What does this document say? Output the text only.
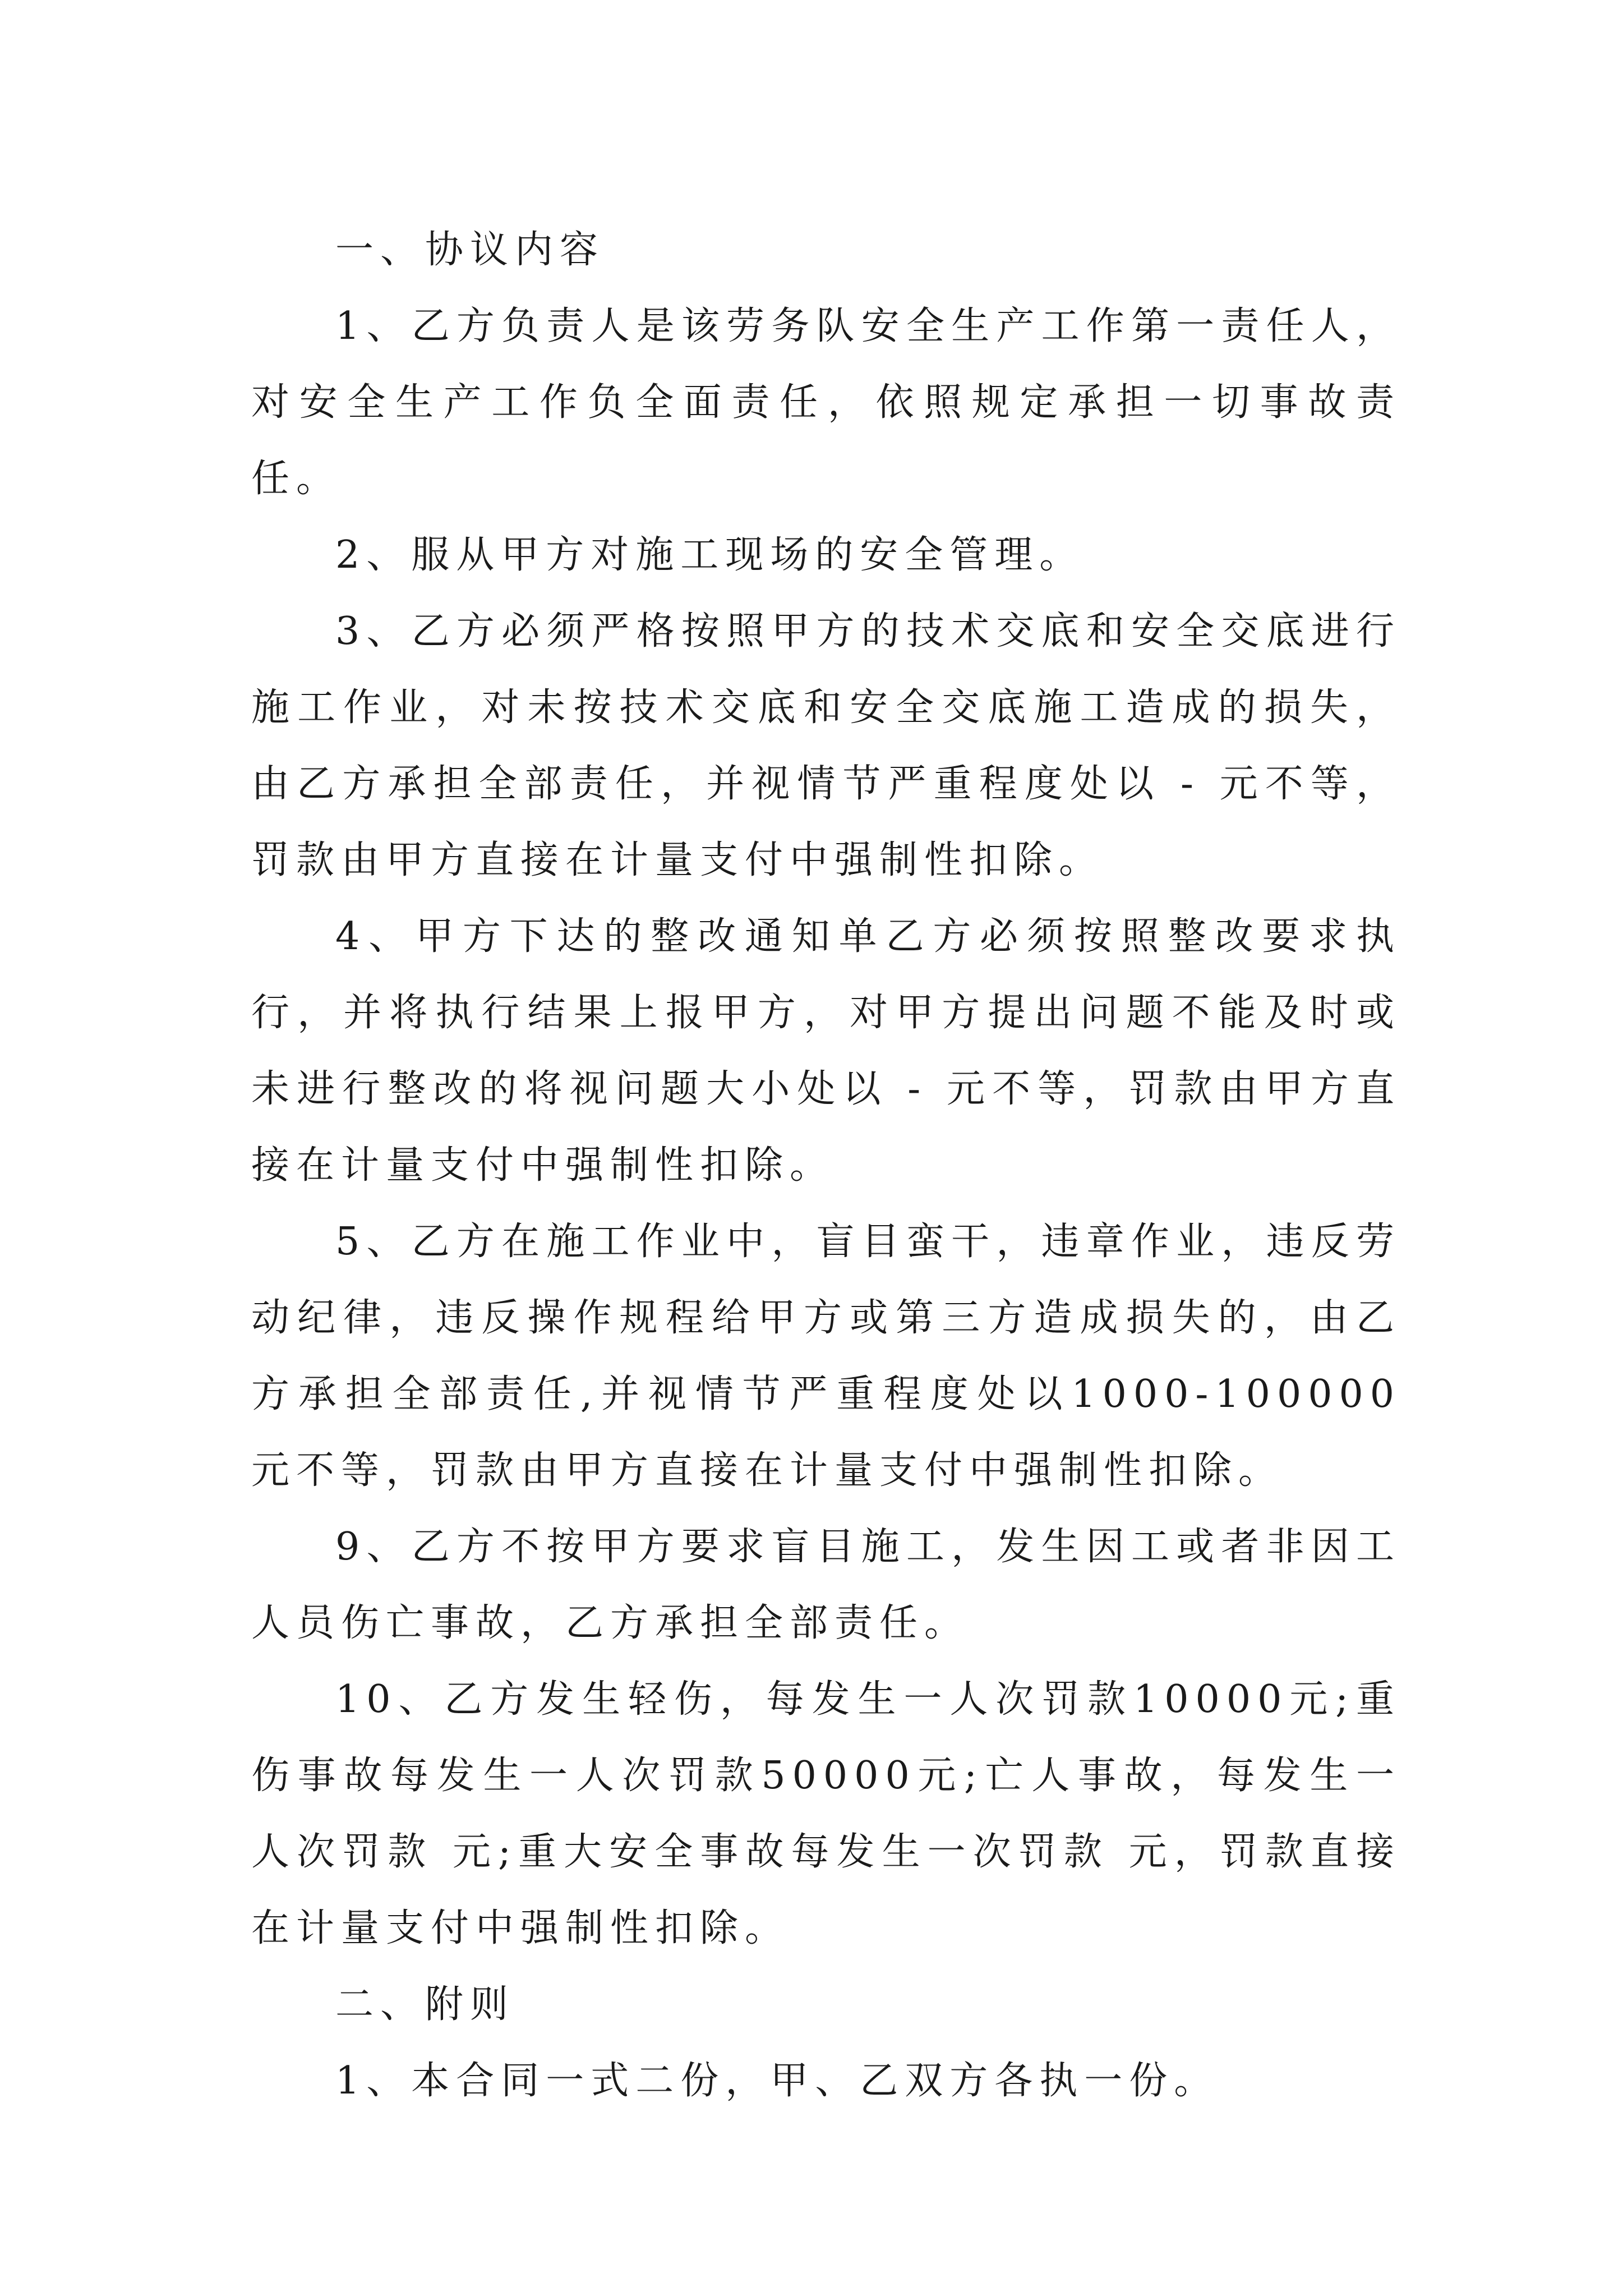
一、协议内容

1、乙方负责人是该劳务队安全生产工作第一责任人，对安全生产工作负全面责任，依照规定承担一切事故责任。

2、服从甲方对施工现场的安全管理。

3、乙方必须严格按照甲方的技术交底和安全交底进行施工作业，对未按技术交底和安全交底施工造成的损失，由乙方承担全部责任，并视情节严重程度处以 - 元不等，罚款由甲方直接在计量支付中强制性扣除。

4、甲方下达的整改通知单乙方必须按照整改要求执行，并将执行结果上报甲方，对甲方提出问题不能及时或未进行整改的将视问题大小处以 - 元不等，罚款由甲方直接在计量支付中强制性扣除。

5、乙方在施工作业中，盲目蛮干，违章作业，违反劳动纪律，违反操作规程给甲方或第三方造成损失的，由乙方承担全部责任,并视情节严重程度处以1000-100000元不等，罚款由甲方直接在计量支付中强制性扣除。

9、乙方不按甲方要求盲目施工，发生因工或者非因工人员伤亡事故，乙方承担全部责任。

10、乙方发生轻伤，每发生一人次罚款10000元;重伤事故每发生一人次罚款50000元;亡人事故，每发生一人次罚款 元;重大安全事故每发生一次罚款 元，罚款直接在计量支付中强制性扣除。

二、附则

1、本合同一式二份，甲、乙双方各执一份。
